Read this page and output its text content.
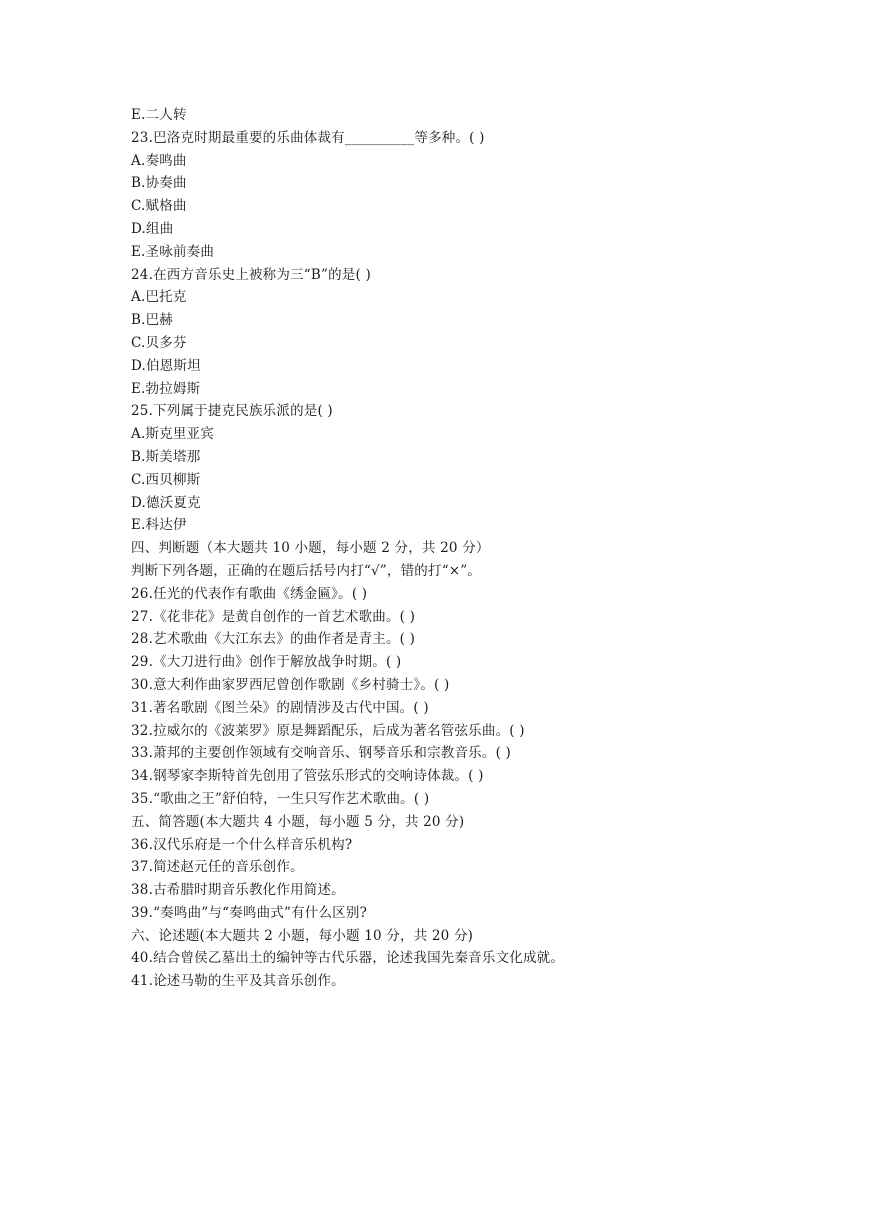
E.二人转
23.巴洛克时期最重要的乐曲体裁有__________等多种。( )
A.奏鸣曲
B.协奏曲
C.赋格曲
D.组曲
E.圣咏前奏曲
24.在西方音乐史上被称为三“B”的是( )
A.巴托克
B.巴赫
C.贝多芬
D.伯恩斯坦
E.勃拉姆斯
25.下列属于捷克民族乐派的是( )
A.斯克里亚宾
B.斯美塔那
C.西贝柳斯
D.德沃夏克
E.科达伊
四、判断题（本大题共 10 小题，每小题 2 分，共 20 分）
判断下列各题，正确的在题后括号内打“√”，错的打“×”。
26.任光的代表作有歌曲《绣金匾》。( )
27.《花非花》是黄自创作的一首艺术歌曲。( )
28.艺术歌曲《大江东去》的曲作者是青主。( )
29.《大刀进行曲》创作于解放战争时期。( )
30.意大利作曲家罗西尼曾创作歌剧《乡村骑士》。( )
31.著名歌剧《图兰朵》的剧情涉及古代中国。( )
32.拉威尔的《波莱罗》原是舞蹈配乐，后成为著名管弦乐曲。( )
33.萧邦的主要创作领域有交响音乐、钢琴音乐和宗教音乐。( )
34.钢琴家李斯特首先创用了管弦乐形式的交响诗体裁。( )
35.“歌曲之王”舒伯特，一生只写作艺术歌曲。( )
五、简答题(本大题共 4 小题，每小题 5 分，共 20 分)
36.汉代乐府是一个什么样音乐机构?
37.简述赵元任的音乐创作。
38.古希腊时期音乐教化作用简述。
39.“奏鸣曲”与“奏鸣曲式”有什么区别?
六、论述题(本大题共 2 小题，每小题 10 分，共 20 分)
40.结合曾侯乙墓出土的编钟等古代乐器，论述我国先秦音乐文化成就。
41.论述马勒的生平及其音乐创作。
